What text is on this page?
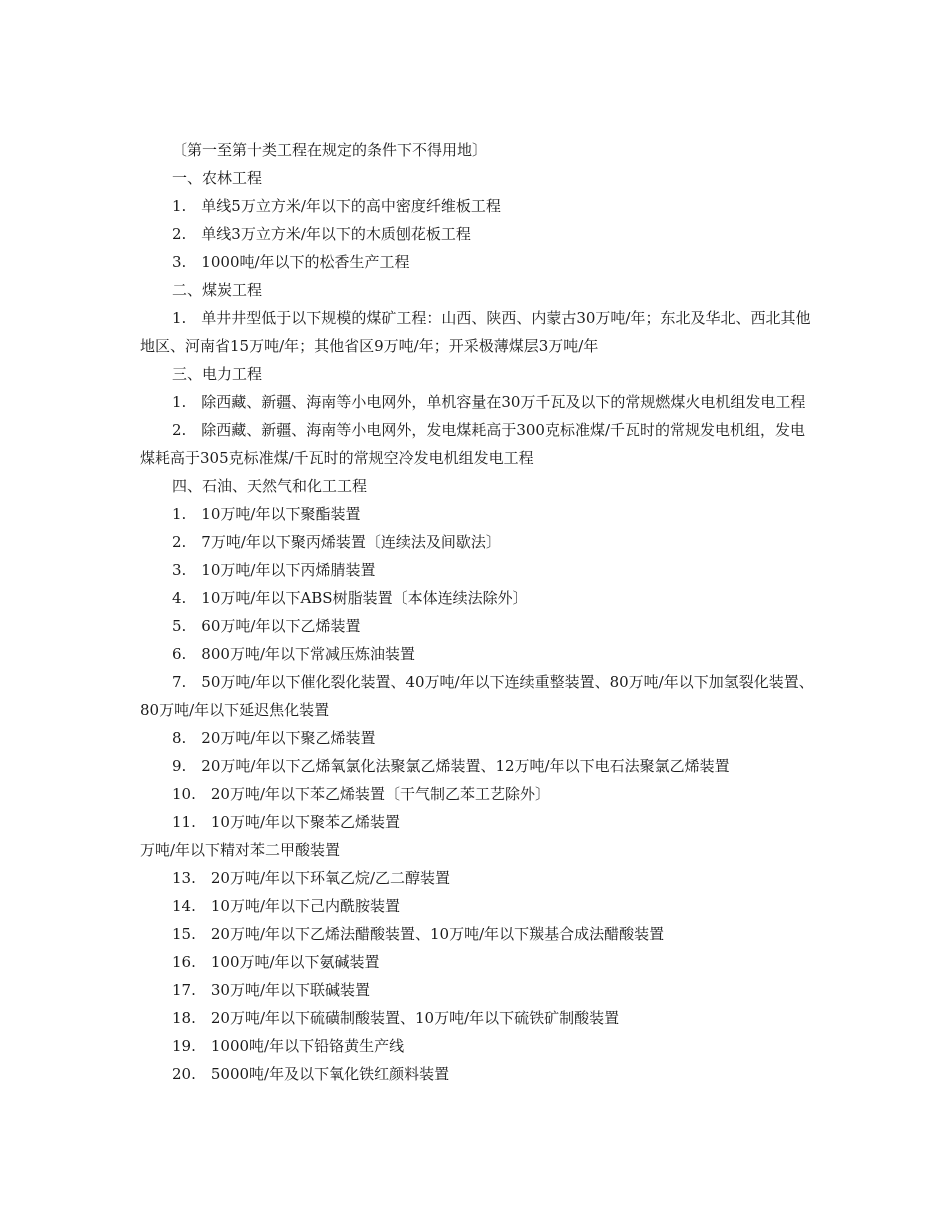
〔第一至第十类工程在规定的条件下不得用地〕
一、农林工程
1.　单线5万立方米/年以下的高中密度纤维板工程
2.　单线3万立方米/年以下的木质刨花板工程
3.　1000吨/年以下的松香生产工程
二、煤炭工程
1.　单井井型低于以下规模的煤矿工程：山西、陕西、内蒙古30万吨/年；东北及华北、西北其他地区、河南省15万吨/年；其他省区9万吨/年；开采极薄煤层3万吨/年
三、电力工程
1.　除西藏、新疆、海南等小电网外，单机容量在30万千瓦及以下的常规燃煤火电机组发电工程
2.　除西藏、新疆、海南等小电网外，发电煤耗高于300克标准煤/千瓦时的常规发电机组，发电煤耗高于305克标准煤/千瓦时的常规空冷发电机组发电工程
四、石油、天然气和化工工程
1.　10万吨/年以下聚酯装置
2.　7万吨/年以下聚丙烯装置〔连续法及间歇法〕
3.　10万吨/年以下丙烯腈装置
4.　10万吨/年以下ABS树脂装置〔本体连续法除外〕
5.　60万吨/年以下乙烯装置
6.　800万吨/年以下常减压炼油装置
7.　50万吨/年以下催化裂化装置、40万吨/年以下连续重整装置、80万吨/年以下加氢裂化装置、80万吨/年以下延迟焦化装置
8.　20万吨/年以下聚乙烯装置
9.　20万吨/年以下乙烯氧氯化法聚氯乙烯装置、12万吨/年以下电石法聚氯乙烯装置
10.　20万吨/年以下苯乙烯装置〔干气制乙苯工艺除外〕
11.　10万吨/年以下聚苯乙烯装置
万吨/年以下精对苯二甲酸装置
13.　20万吨/年以下环氧乙烷/乙二醇装置
14.　10万吨/年以下己内酰胺装置
15.　20万吨/年以下乙烯法醋酸装置、10万吨/年以下羰基合成法醋酸装置
16.　100万吨/年以下氨碱装置
17.　30万吨/年以下联碱装置
18.　20万吨/年以下硫磺制酸装置、10万吨/年以下硫铁矿制酸装置
19.　1000吨/年以下铅铬黄生产线
20.　5000吨/年及以下氧化铁红颜料装置
